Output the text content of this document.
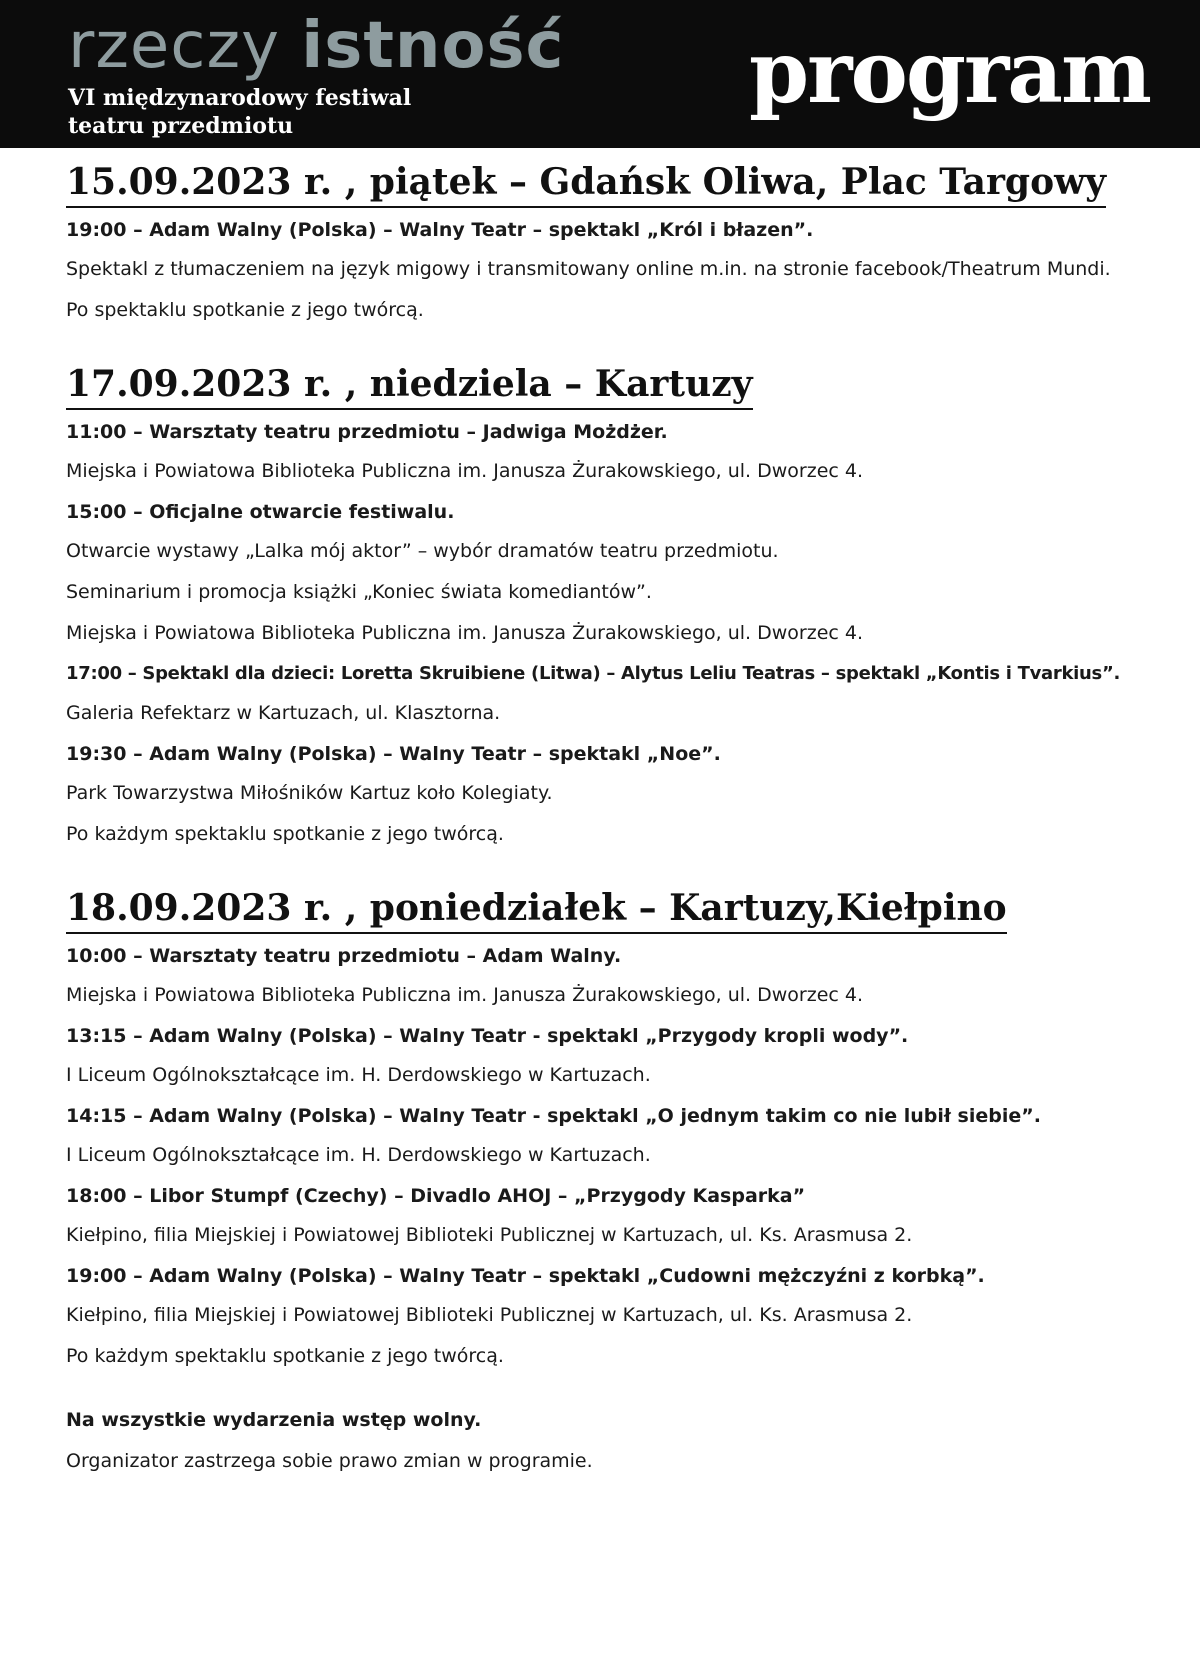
rzeczy istność
VI międzynarodowy festiwal
teatru przedmiotu
program
15.09.2023 r. , piątek – Gdańsk Oliwa, Plac Targowy

19:00 – Adam Walny (Polska) – Walny Teatr – spektakl „Król i błazen”.

Spektakl z tłumaczeniem na język migowy i transmitowany online m.in. na stronie facebook/Theatrum Mundi.

Po spektaklu spotkanie z jego twórcą.

17.09.2023 r. , niedziela – Kartuzy

11:00 – Warsztaty teatru przedmiotu – Jadwiga Możdżer.

Miejska i Powiatowa Biblioteka Publiczna im. Janusza Żurakowskiego, ul. Dworzec 4.

15:00 – Oficjalne otwarcie festiwalu.

Otwarcie wystawy „Lalka mój aktor” – wybór dramatów teatru przedmiotu.

Seminarium i promocja książki „Koniec świata komediantów”.

Miejska i Powiatowa Biblioteka Publiczna im. Janusza Żurakowskiego, ul. Dworzec 4.

17:00 – Spektakl dla dzieci: Loretta Skruibiene (Litwa) – Alytus Leliu Teatras – spektakl „Kontis i Tvarkius”.

Galeria Refektarz w Kartuzach, ul. Klasztorna.

19:30 – Adam Walny (Polska) – Walny Teatr – spektakl „Noe”.

Park Towarzystwa Miłośników Kartuz koło Kolegiaty.

Po każdym spektaklu spotkanie z jego twórcą.

18.09.2023 r. , poniedziałek – Kartuzy,Kiełpino

10:00 – Warsztaty teatru przedmiotu – Adam Walny.

Miejska i Powiatowa Biblioteka Publiczna im. Janusza Żurakowskiego, ul. Dworzec 4.

13:15 – Adam Walny (Polska) – Walny Teatr - spektakl „Przygody kropli wody”.

I Liceum Ogólnokształcące im. H. Derdowskiego w Kartuzach.

14:15 – Adam Walny (Polska) – Walny Teatr - spektakl „O jednym takim co nie lubił siebie”.

I Liceum Ogólnokształcące im. H. Derdowskiego w Kartuzach.

18:00 – Libor Stumpf (Czechy) – Divadlo AHOJ – „Przygody Kasparka”

Kiełpino, filia Miejskiej i Powiatowej Biblioteki Publicznej w Kartuzach, ul. Ks. Arasmusa 2.

19:00 – Adam Walny (Polska) – Walny Teatr – spektakl „Cudowni mężczyźni z korbką”.

Kiełpino, filia Miejskiej i Powiatowej Biblioteki Publicznej w Kartuzach, ul. Ks. Arasmusa 2.

Po każdym spektaklu spotkanie z jego twórcą.

Na wszystkie wydarzenia wstęp wolny.

Organizator zastrzega sobie prawo zmian w programie.
